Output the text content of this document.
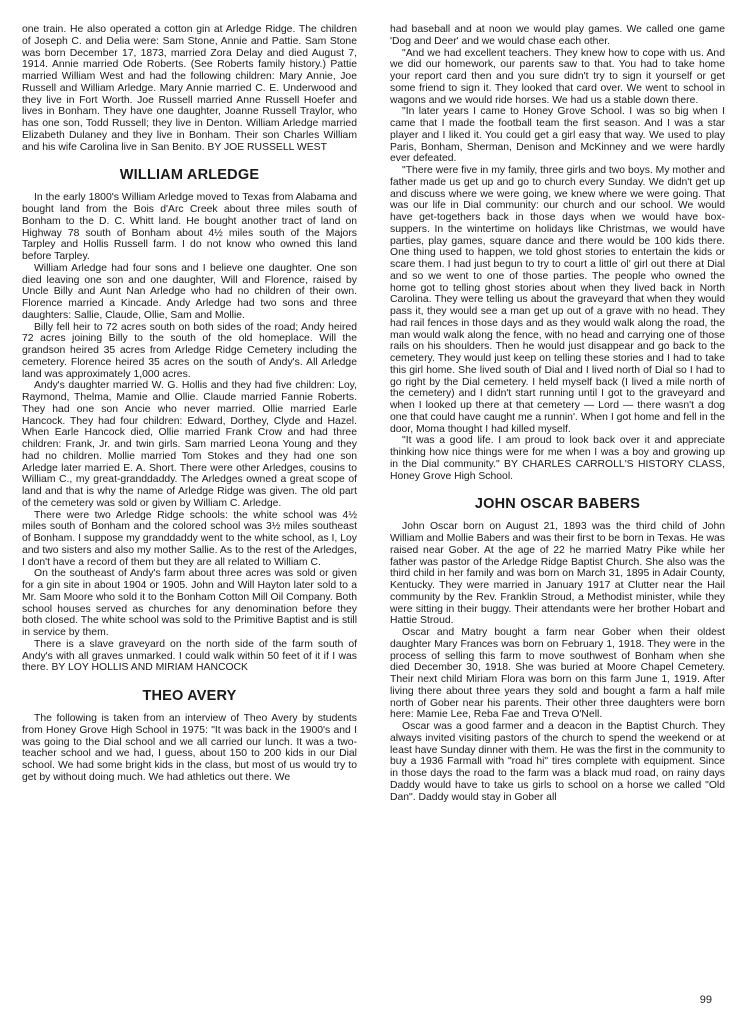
one train. He also operated a cotton gin at Arledge Ridge. The children of Joseph C. and Delia were: Sam Stone, Annie and Pattie. Sam Stone was born December 17, 1873, married Zora Delay and died August 7, 1914. Annie married Ode Roberts. (See Roberts family history.) Pattie married William West and had the following children: Mary Annie, Joe Russell and William Arledge. Mary Annie married C. E. Underwood and they live in Fort Worth. Joe Russell married Anne Russell Hoefer and lives in Bonham. They have one daughter, Joanne Russell Traylor, who has one son, Todd Russell; they live in Denton. William Arledge married Elizabeth Dulaney and they live in Bonham. Their son Charles William and his wife Carolina live in San Benito. BY JOE RUSSELL WEST

WILLIAM ARLEDGE

In the early 1800's William Arledge moved to Texas from Alabama and bought land from the Bois d'Arc Creek about three miles south of Bonham to the D. C. Whitt land. He bought another tract of land on Highway 78 south of Bonham about 4½ miles south of the Majors Tarpley and Hollis Russell farm. I do not know who owned this land before Tarpley.

William Arledge had four sons and I believe one daughter. One son died leaving one son and one daughter, Will and Florence, raised by Uncle Billy and Aunt Nan Arledge who had no children of their own. Florence married a Kincade. Andy Arledge had two sons and three daughters: Sallie, Claude, Ollie, Sam and Mollie.

Billy fell heir to 72 acres south on both sides of the road; Andy heired 72 acres joining Billy to the south of the old homeplace. Will the grandson heired 35 acres from Arledge Ridge Cemetery including the cemetery. Florence heired 35 acres on the south of Andy's. All Arledge land was approximately 1,000 acres.

Andy's daughter married W. G. Hollis and they had five children: Loy, Raymond, Thelma, Mamie and Ollie. Claude married Fannie Roberts. They had one son Ancie who never married. Ollie married Earle Hancock. They had four children: Edward, Dorthey, Clyde and Hazel. When Earle Hancock died, Ollie married Frank Crow and had three children: Frank, Jr. and twin girls. Sam married Leona Young and they had no children. Mollie married Tom Stokes and they had one son Arledge later married E. A. Short. There were other Arledges, cousins to William C., my great-granddaddy. The Arledges owned a great scope of land and that is why the name of Arledge Ridge was given. The old part of the cemetery was sold or given by William C. Arledge.

There were two Arledge Ridge schools: the white school was 4½ miles south of Bonham and the colored school was 3½ miles southeast of Bonham. I suppose my granddaddy went to the white school, as I, Loy and two sisters and also my mother Sallie. As to the rest of the Arledges, I don't have a record of them but they are all related to William C.

On the southeast of Andy's farm about three acres was sold or given for a gin site in about 1904 or 1905. John and Will Hayton later sold to a Mr. Sam Moore who sold it to the Bonham Cotton Mill Oil Company. Both school houses served as churches for any denomination before they both closed. The white school was sold to the Primitive Baptist and is still in service by them.

There is a slave graveyard on the north side of the farm south of Andy's with all graves unmarked. I could walk within 50 feet of it if I was there. BY LOY HOLLIS AND MIRIAM HANCOCK

THEO AVERY

The following is taken from an interview of Theo Avery by students from Honey Grove High School in 1975: "It was back in the 1900's and I was going to the Dial school and we all carried our lunch. It was a two-teacher school and we had, I guess, about 150 to 200 kids in our Dial school. We had some bright kids in the class, but most of us would try to get by without doing much. We had athletics out there. We

had baseball and at noon we would play games. We called one game 'Dog and Deer' and we would chase each other.

"And we had excellent teachers. They knew how to cope with us. And we did our homework, our parents saw to that. You had to take home your report card then and you sure didn't try to sign it yourself or get some friend to sign it. They looked that card over. We went to school in wagons and we would ride horses. We had us a stable down there.

"In later years I came to Honey Grove School. I was so big when I came that I made the football team the first season. And I was a star player and I liked it. You could get a girl easy that way. We used to play Paris, Bonham, Sherman, Denison and McKinney and we were hardly ever defeated.

"There were five in my family, three girls and two boys. My mother and father made us get up and go to church every Sunday. We didn't get up and discuss where we were going, we knew where we were going. That was our life in Dial community: our church and our school. We would have get-togethers back in those days when we would have box-suppers. In the wintertime on holidays like Christmas, we would have parties, play games, square dance and there would be 100 kids there. One thing used to happen, we told ghost stories to entertain the kids or scare them. I had just begun to try to court a little ol' girl out there at Dial and so we went to one of those parties. The people who owned the home got to telling ghost stories about when they lived back in North Carolina. They were telling us about the graveyard that when they would pass it, they would see a man get up out of a grave with no head. They had rail fences in those days and as they would walk along the road, the man would walk along the fence, with no head and carrying one of those rails on his shoulders. Then he would just disappear and go back to the cemetery. They would just keep on telling these stories and I had to take this girl home. She lived south of Dial and I lived north of Dial so I had to go right by the Dial cemetery. I held myself back (I lived a mile north of the cemetery) and I didn't start running until I got to the graveyard and when I looked up there at that cemetery — Lord — there wasn't a dog one that could have caught me a runnin'. When I got home and fell in the door, Moma thought I had killed myself.

"It was a good life. I am proud to look back over it and appreciate thinking how nice things were for me when I was a boy and growing up in the Dial community." BY CHARLES CARROLL'S HISTORY CLASS, Honey Grove High School.

JOHN OSCAR BABERS

John Oscar born on August 21, 1893 was the third child of John William and Mollie Babers and was their first to be born in Texas. He was raised near Gober. At the age of 22 he married Matry Pike while her father was pastor of the Arledge Ridge Baptist Church. She also was the third child in her family and was born on March 31, 1895 in Adair County, Kentucky. They were married in January 1917 at Clutter near the Hail community by the Rev. Franklin Stroud, a Methodist minister, while they were sitting in their buggy. Their attendants were her brother Hobart and Hattie Stroud.

Oscar and Matry bought a farm near Gober when their oldest daughter Mary Frances was born on February 1, 1918. They were in the process of selling this farm to move southwest of Bonham when she died December 30, 1918. She was buried at Moore Chapel Cemetery. Their next child Miriam Flora was born on this farm June 1, 1919. After living there about three years they sold and bought a farm a half mile north of Gober near his parents. Their other three daughters were born here: Mamie Lee, Reba Fae and Treva O'Nell.

Oscar was a good farmer and a deacon in the Baptist Church. They always invited visiting pastors of the church to spend the weekend or at least have Sunday dinner with them. He was the first in the community to buy a 1936 Farmall with "road hi" tires complete with equipment. Since in those days the road to the farm was a black mud road, on rainy days Daddy would have to take us girls to school on a horse we called "Old Dan". Daddy would stay in Gober all

99
